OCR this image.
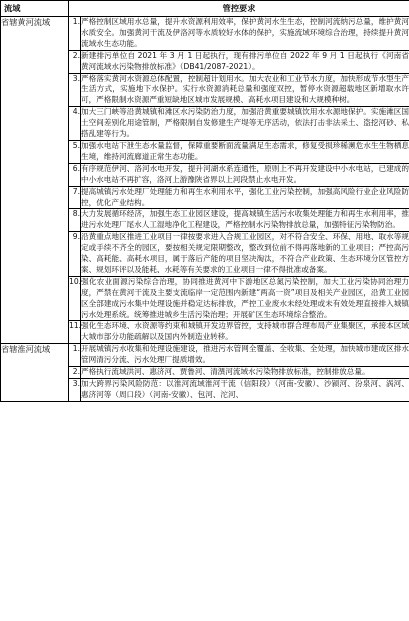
流域	管控要求	
省辖黄河流域	1.	严格控制区域用水总量，提升水资源利用效率，保护黄河水生生态，控制河流纳污总量，维护黄河水质安全。加强黄河干流及伊洛河等水质较好水体的保护，实施流域环境综合治理，持续提升黄河流域水生态功能。
	2.	新建排污单位自 2021 年 3 月 1 日起执行，现有排污单位自 2022 年 9 月 1 日起执行《河南省黄河流域水污染物排放标准》（DB41/2087-2021）。
	3.	严格落实黄河水资源总体配置，控制超计划用水。加大农业和工业节水力度，加快形成节水型生产生活方式，实施地下水保护。实行水资源消耗总量和强度双控，暂停水资源超载地区新增取水许可，严格限制水资源严重短缺地区城市发展规模、高耗水项目建设和大规模种树。
	4.	加大三门峡等沿黄城镇和滩区水污染防治力度，加强沿黄重要城镇饮用水水源地保护。实施滩区国土空间差别化用途管制，严格限制自发修建生产堤等无序活动，依法打击非法采土、盗挖河砂、私搭乱建等行为。
	5.	加强水电站下泄生态水量监督，保障重要断面流量满足生态需求，修复受损珍稀濒危水生生物栖息生境，维持河流廊道正常生态功能。
	6.	有序规范伊河、洛河水电开发，提升河湖水系连通性，原则上不再开发建设中小水电站，已建成的中小水电站不再扩容，洛河上游豫陕省界以上河段禁止水电开发。
	7.	提高城镇污水处理厂处理能力和再生水利用水平，强化工业污染控制，加强高风险行业企业风险防控，优化产业结构。
	8.	大力发展循环经济，加强生态工业园区建设，提高城镇生活污水收集处理能力和再生水利用率，推进污水处理厂尾水人工湿地净化工程建设，严格控制水污染物排放总量，加强特征污染物防治。
	9.	沿黄重点地区推进工业项目一律按要求进入合规工业园区，对不符合安全、环保、用地、取水等规定或手续不齐全的园区，要按相关规定限期整改，整改到位前不得再落地新的工业项目；严控高污染、高耗能、高耗水项目，属于落后产能的项目坚决淘汰，不符合产业政策、生态环境分区管控方案、规划环评以及能耗、水耗等有关要求的工业项目一律不得批准或备案。
	10.	强化农业面源污染综合治理，协同推进黄河中下游地区总氮污染控制，加大工业污染协同治理力度，严禁在黄河干流及主要支流临岸一定范围内新建“两高一资”项目及相关产业园区，沿黄工业园区全部建成污水集中处理设施并稳定达标排放，严控工业废水未经处理或未有效处理直接排入城镇污水处理系统。统筹推进城乡生活污染治理；开展矿区生态环境综合整治。
	11.	强化生态环境、水资源等约束和城镇开发边界管控，支持城市群合理布局产业集聚区，承接本区域大城市部分功能疏解以及国内外制造业转移。
省辖淮河流域	1.	开展城镇污水收集和处理设施建设，推进污水管网全覆盖、全收集、全处理，加快城市建成区排水管网清污分流、污水处理厂提质增效。
	2.	严格执行流域洪河、惠济河、贾鲁河、清潩河流域水污染物排放标准，控制排放总量。
	3.	加大跨界污染风险防范：以淮河流域淮河干流（信阳段）（河南-安徽）、沙颍河、汾泉河、涡河、惠济河等（周口段）（河南-安徽）、包河、沱河、
